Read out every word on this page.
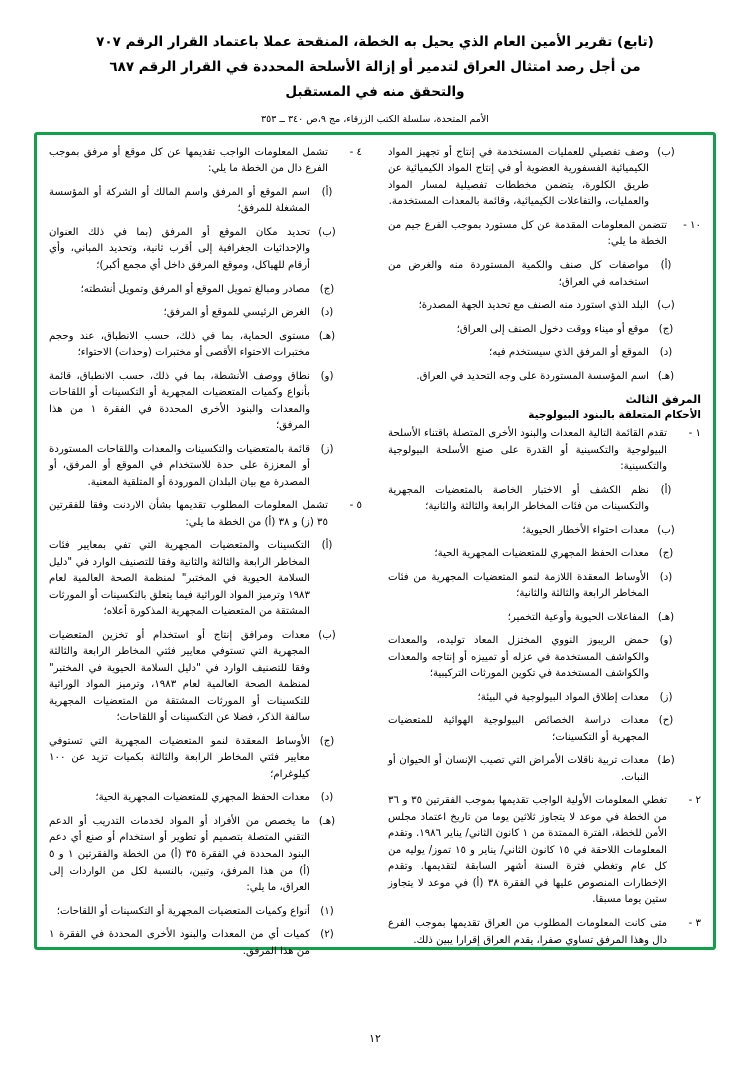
(تابع) تقرير الأمين العام الذي يحيل به الخطة، المنقحة عملا باعتماد القرار الرقم ٧٠٧
من أجل رصد امتثال العراق لتدمير أو إزالة الأسلحة المحددة في القرار الرقم ٦٨٧
والتحقق منه في المستقبل
الأمم المتحدة، سلسلة الكتب الزرقاء، مج ٩،ص ٣٤٠ ــ ٣٥٣
(ب)
وصف تفصيلي للعمليات المستخدمة في إنتاج أو تجهيز المواد الكيميائية الفسفورية العضوية أو في إنتاج المواد الكيميائية عن طريق الكلورة، يتضمن مخططات تفصيلية لمسار المواد والعمليات، والتفاعلات الكيميائية، وقائمة بالمعدات المستخدمة.
١٠ -
تتضمن المعلومات المقدمة عن كل مستورد بموجب الفرع جيم من الخطة ما يلي:
(أ)
مواصفات كل صنف والكمية المستوردة منه والغرض من استخدامه في العراق؛
(ب)
البلد الذي استورد منه الصنف مع تحديد الجهة المصدرة؛
(ج)
موقع أو ميناء ووقت دخول الصنف إلى العراق؛
(د)
الموقع أو المرفق الذي سيستخدم فيه؛
(هـ)
اسم المؤسسة المستوردة على وجه التحديد في العراق.
المرفق الثالث
الأحكام المتعلقة بالبنود البيولوجية
١ -
تقدم القائمة التالية المعدات والبنود الأخرى المتصلة باقتناء الأسلحة البيولوجية والتكسينية أو القدرة على صنع الأسلحة البيولوجية والتكسينية:
(أ)
نظم الكشف أو الاختبار الخاصة بالمتعضيات المجهرية والتكسينات من فئات المخاطر الرابعة والثالثة والثانية؛
(ب)
معدات احتواء الأخطار الحيوية؛
(ج)
معدات الحفظ المجهري للمتعضيات المجهرية الحية؛
(د)
الأوساط المعقدة اللازمة لنمو المتعضيات المجهرية من فئات المخاطر الرابعة والثالثة والثانية؛
(هـ)
المفاعلات الحيوية وأوعية التخمير؛
(و)
حمض الريبوز النووي المختزل المعاد توليده، والمعدات والكواشف المستخدمة في عزله أو تمييزه أو إنتاجه والمعدات والكواشف المستخدمة في تكوين المورثات التركيبية؛
(ز)
معدات إطلاق المواد البيولوجية في البيئة؛
(ح)
معدات دراسة الخصائص البيولوجية الهوائية للمتعضيات المجهرية أو التكسينات؛
(ط)
معدات تربية ناقلات الأمراض التي تصيب الإنسان أو الحيوان أو النبات.
٢ -
تغطي المعلومات الأولية الواجب تقديمها بموجب الفقرتين ٣٥ و ٣٦ من الخطة في موعد لا يتجاوز ثلاثين يوما من تاريخ اعتماد مجلس الأمن للخطة، الفترة الممتدة من ١ كانون الثاني/ يناير ١٩٨٦. وتقدم المعلومات اللاحقة في ١٥ كانون الثاني/ يناير و ١٥ تموز/ يوليه من كل عام وتغطي فترة السنة أشهر السابقة لتقديمها. وتقدم الإخطارات المنصوص عليها في الفقرة ٣٨ (أ) في موعد لا يتجاوز ستين يوما مسبقا.
٣ -
متى كانت المعلومات المطلوب من العراق تقديمها بموجب الفرع دال وهذا المرفق تساوي صفرا، يقدم العراق إقرارا يبين ذلك.
٤ -
تشمل المعلومات الواجب تقديمها عن كل موقع أو مرفق بموجب الفرع دال من الخطة ما يلي:
(أ)
اسم الموقع أو المرفق واسم المالك أو الشركة أو المؤسسة المشغلة للمرفق؛
(ب)
تحديد مكان الموقع أو المرفق (بما في ذلك العنوان والإحداثيات الجغرافية إلى أقرب ثانية، وتحديد المباني، وأي أرقام للهياكل، وموقع المرفق داخل أي مجمع أكبر)؛
(ج)
مصادر ومبالغ تمويل الموقع أو المرفق وتمويل أنشطته؛
(د)
الغرض الرئيسي للموقع أو المرفق؛
(هـ)
مستوى الحماية، بما في ذلك، حسب الانطباق، عند وحجم مختبرات الاحتواء الأقصى أو مختبرات (وحدات) الاحتواء؛
(و)
نطاق ووصف الأنشطة، بما في ذلك، حسب الانطباق، قائمة بأنواع وكميات المتعضيات المجهرية أو التكسينات أو اللقاحات والمعدات والبنود الأخرى المحددة في الفقرة ١ من هذا المرفق؛
(ز)
قائمة بالمتعضيات والتكسينات والمعدات واللقاحات المستوردة أو المعززة على حدة للاستخدام في الموقع أو المرفق، أو المصدرة مع بيان البلدان المورودة أو المتلقية المعنية.
٥ -
تشمل المعلومات المطلوب تقديمها بشأن الاردنت وفقا للفقرتين ٣٥ (ز) و ٣٨ (أ) من الخطة ما يلي:
(أ)
التكسينات والمتعضيات المجهرية التي تفي بمعايير فئات المخاطر الرابعة والثالثة والثانية وفقا للتصنيف الوارد في "دليل السلامة الحيوية في المختبر" لمنظمة الصحة العالمية لعام ١٩٨٣ وترميز المواد الوراثية فيما يتعلق بالتكسينات أو المورثات المشتقة من المتعضيات المجهرية المذكورة أعلاه؛
(ب)
معدات ومرافق إنتاج أو استخدام أو تخزين المتعضيات المجهرية التي تستوفي معايير فئتي المخاطر الرابعة والثالثة وفقا للتصنيف الوارد في "دليل السلامة الحيوية في المختبر" لمنظمة الصحة العالمية لعام ١٩٨٣، وترميز المواد الوراثية للتكسينات أو المورثات المشتقة من المتعضيات المجهرية سالفة الذكر، فضلا عن التكسينات أو اللقاحات؛
(ج)
الأوساط المعقدة لنمو المتعضيات المجهرية التي تستوفي معايير فئتي المخاطر الرابعة والثالثة بكميات تزيد عن ١٠٠ كيلوغرام؛
(د)
معدات الحفظ المجهري للمتعضيات المجهرية الحية؛
(هـ)
ما يخصص من الأفراد أو المواد لخدمات التدريب أو الدعم التقني المتصلة بتصميم أو تطوير أو استخدام أو صنع أي دعم البنود المحددة في الفقرة ٣٥ (أ) من الخطة والفقرتين ١ و ٥ (أ) من هذا المرفق، وتبين، بالنسبة لكل من الواردات إلى العراق، ما يلي:
(١)
أنواع وكميات المتعضيات المجهرية أو التكسينات أو اللقاحات؛
(٢)
كميات أي من المعدات والبنود الأخرى المحددة في الفقرة ١ من هذا المرفق.
١٢
